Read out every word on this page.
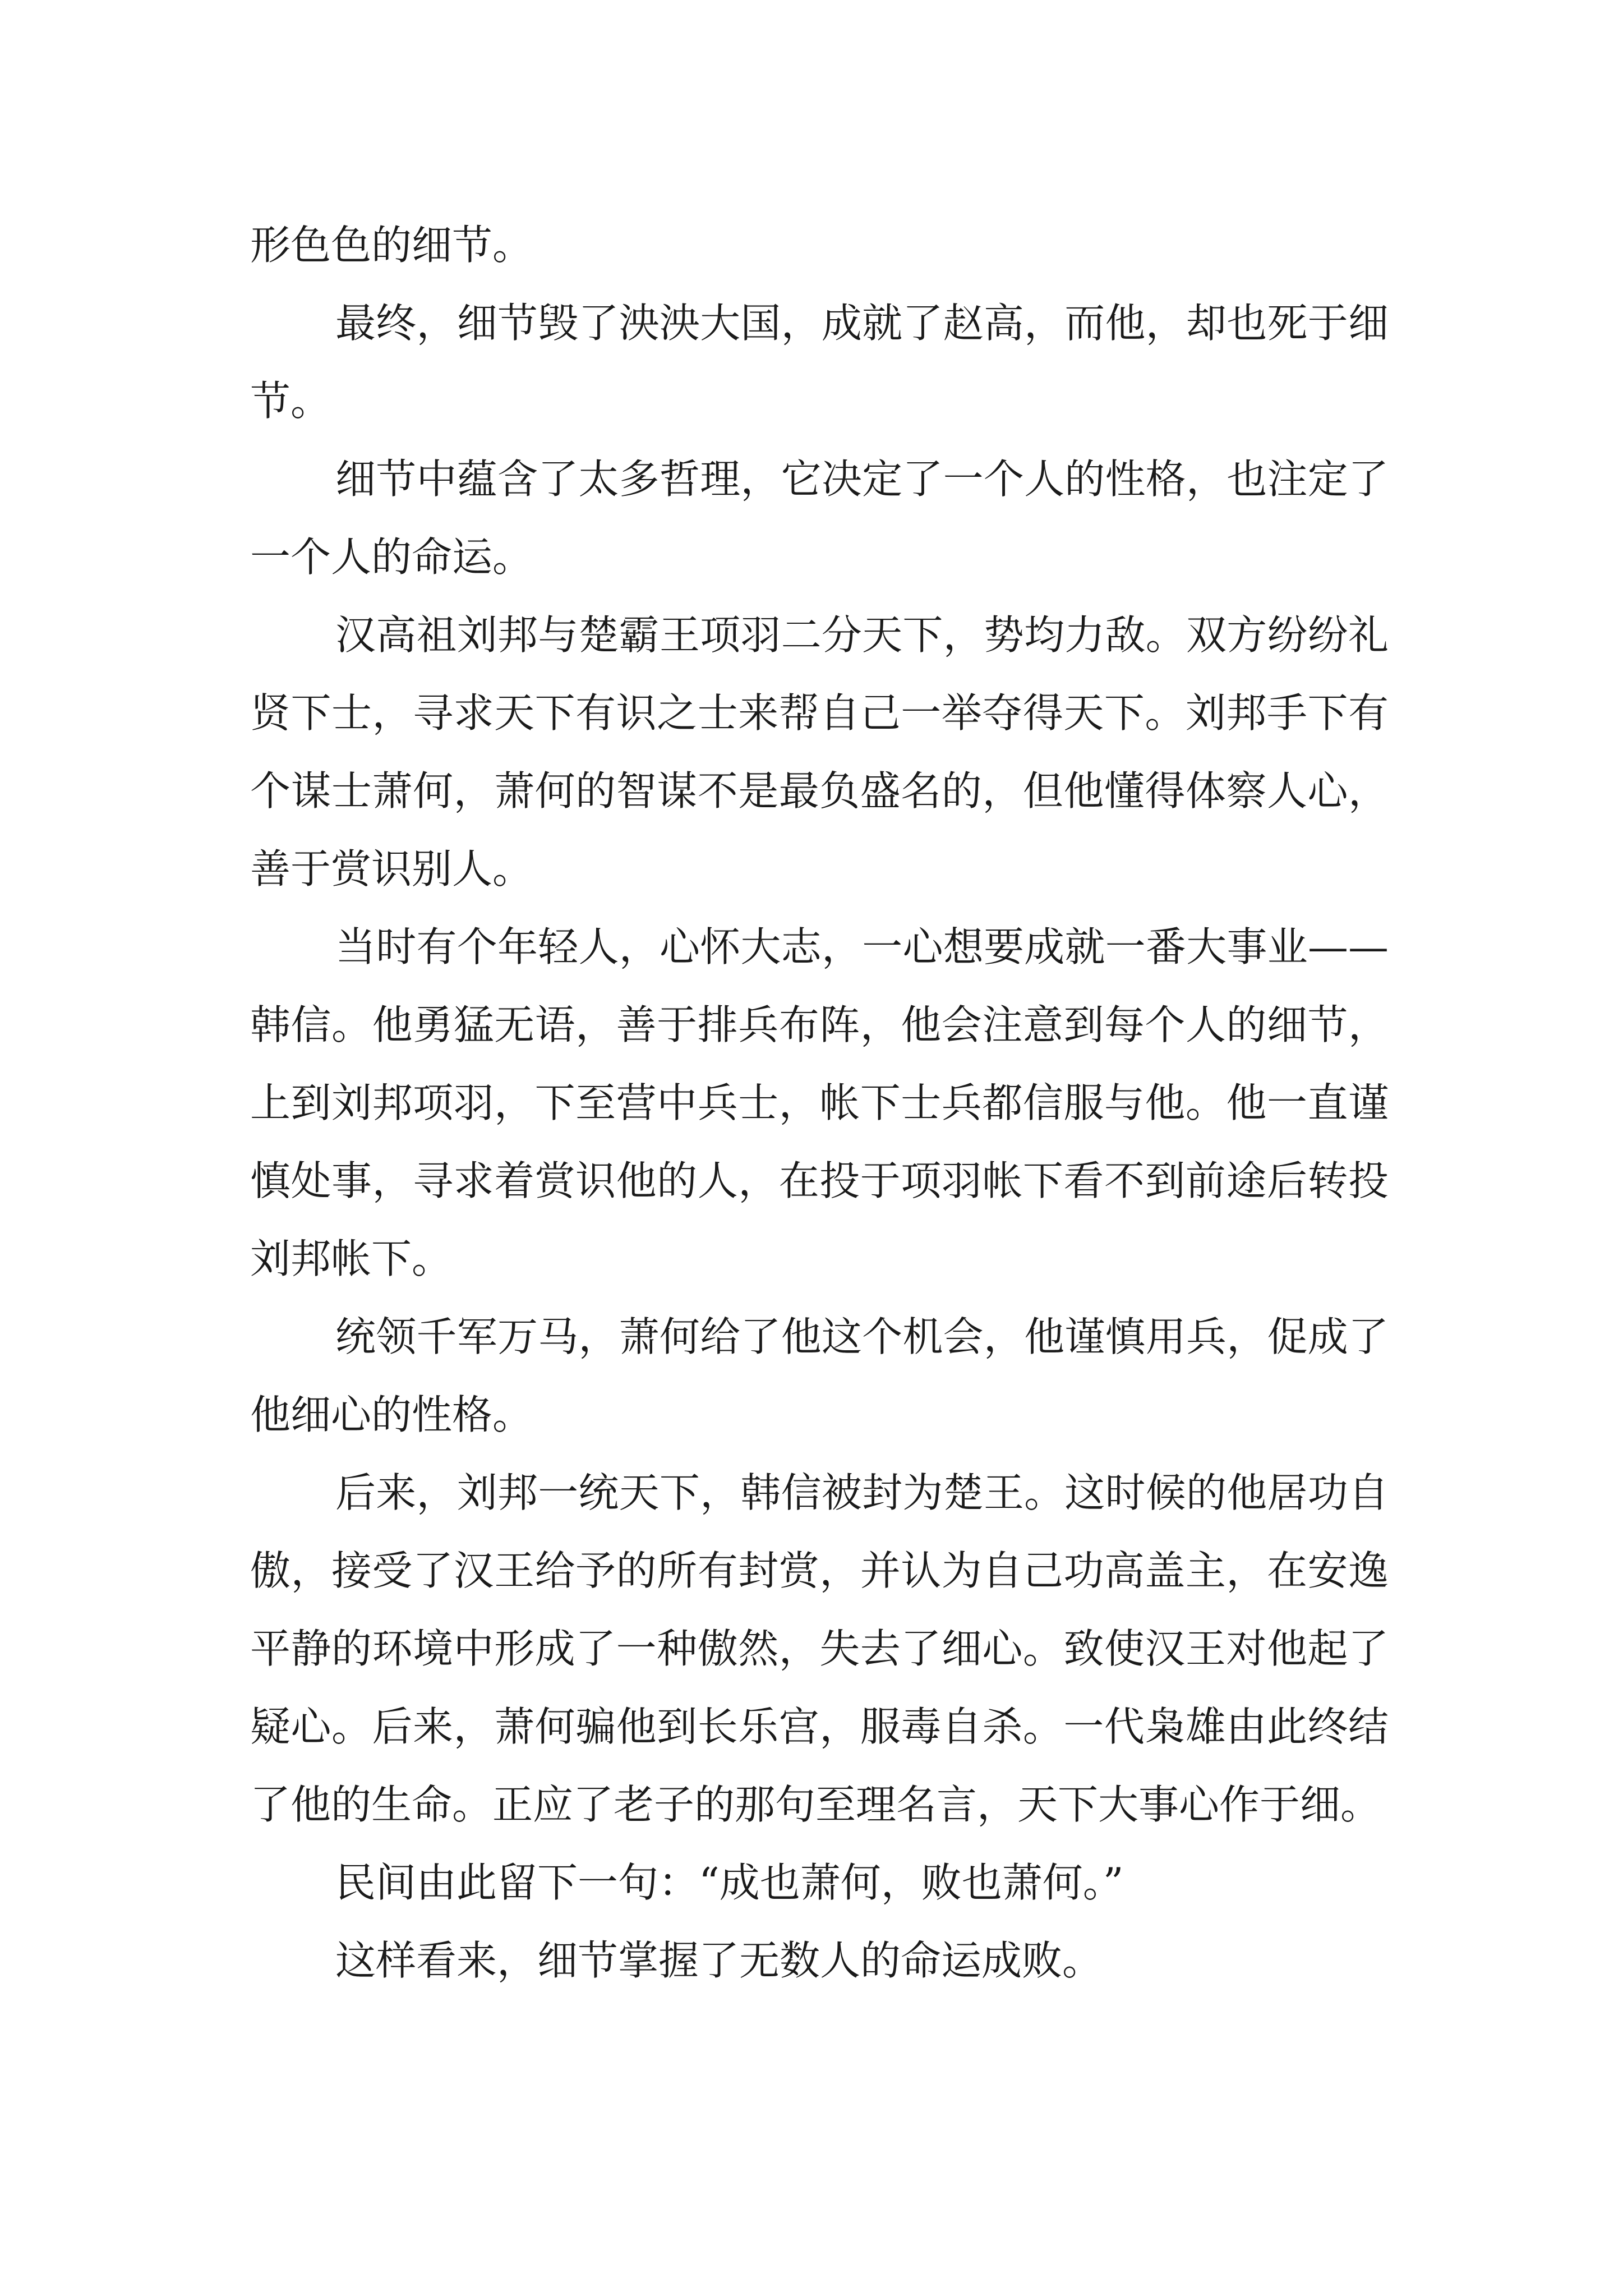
形色色的细节。

最终，细节毁了泱泱大国，成就了赵高，而他，却也死于细节。

细节中蕴含了太多哲理，它决定了一个人的性格，也注定了一个人的命运。

汉高祖刘邦与楚霸王项羽二分天下，势均力敌。双方纷纷礼贤下士，寻求天下有识之士来帮自己一举夺得天下。刘邦手下有个谋士萧何，萧何的智谋不是最负盛名的，但他懂得体察人心，善于赏识别人。

当时有个年轻人，心怀大志，一心想要成就一番大事业——韩信。他勇猛无语，善于排兵布阵，他会注意到每个人的细节，上到刘邦项羽，下至营中兵士，帐下士兵都信服与他。他一直谨慎处事，寻求着赏识他的人，在投于项羽帐下看不到前途后转投刘邦帐下。

统领千军万马，萧何给了他这个机会，他谨慎用兵，促成了他细心的性格。

后来，刘邦一统天下，韩信被封为楚王。这时候的他居功自傲，接受了汉王给予的所有封赏，并认为自己功高盖主，在安逸平静的环境中形成了一种傲然，失去了细心。致使汉王对他起了疑心。后来，萧何骗他到长乐宫，服毒自杀。一代枭雄由此终结了他的生命。正应了老子的那句至理名言，天下大事心作于细。

民间由此留下一句：“成也萧何，败也萧何。”

这样看来，细节掌握了无数人的命运成败。
